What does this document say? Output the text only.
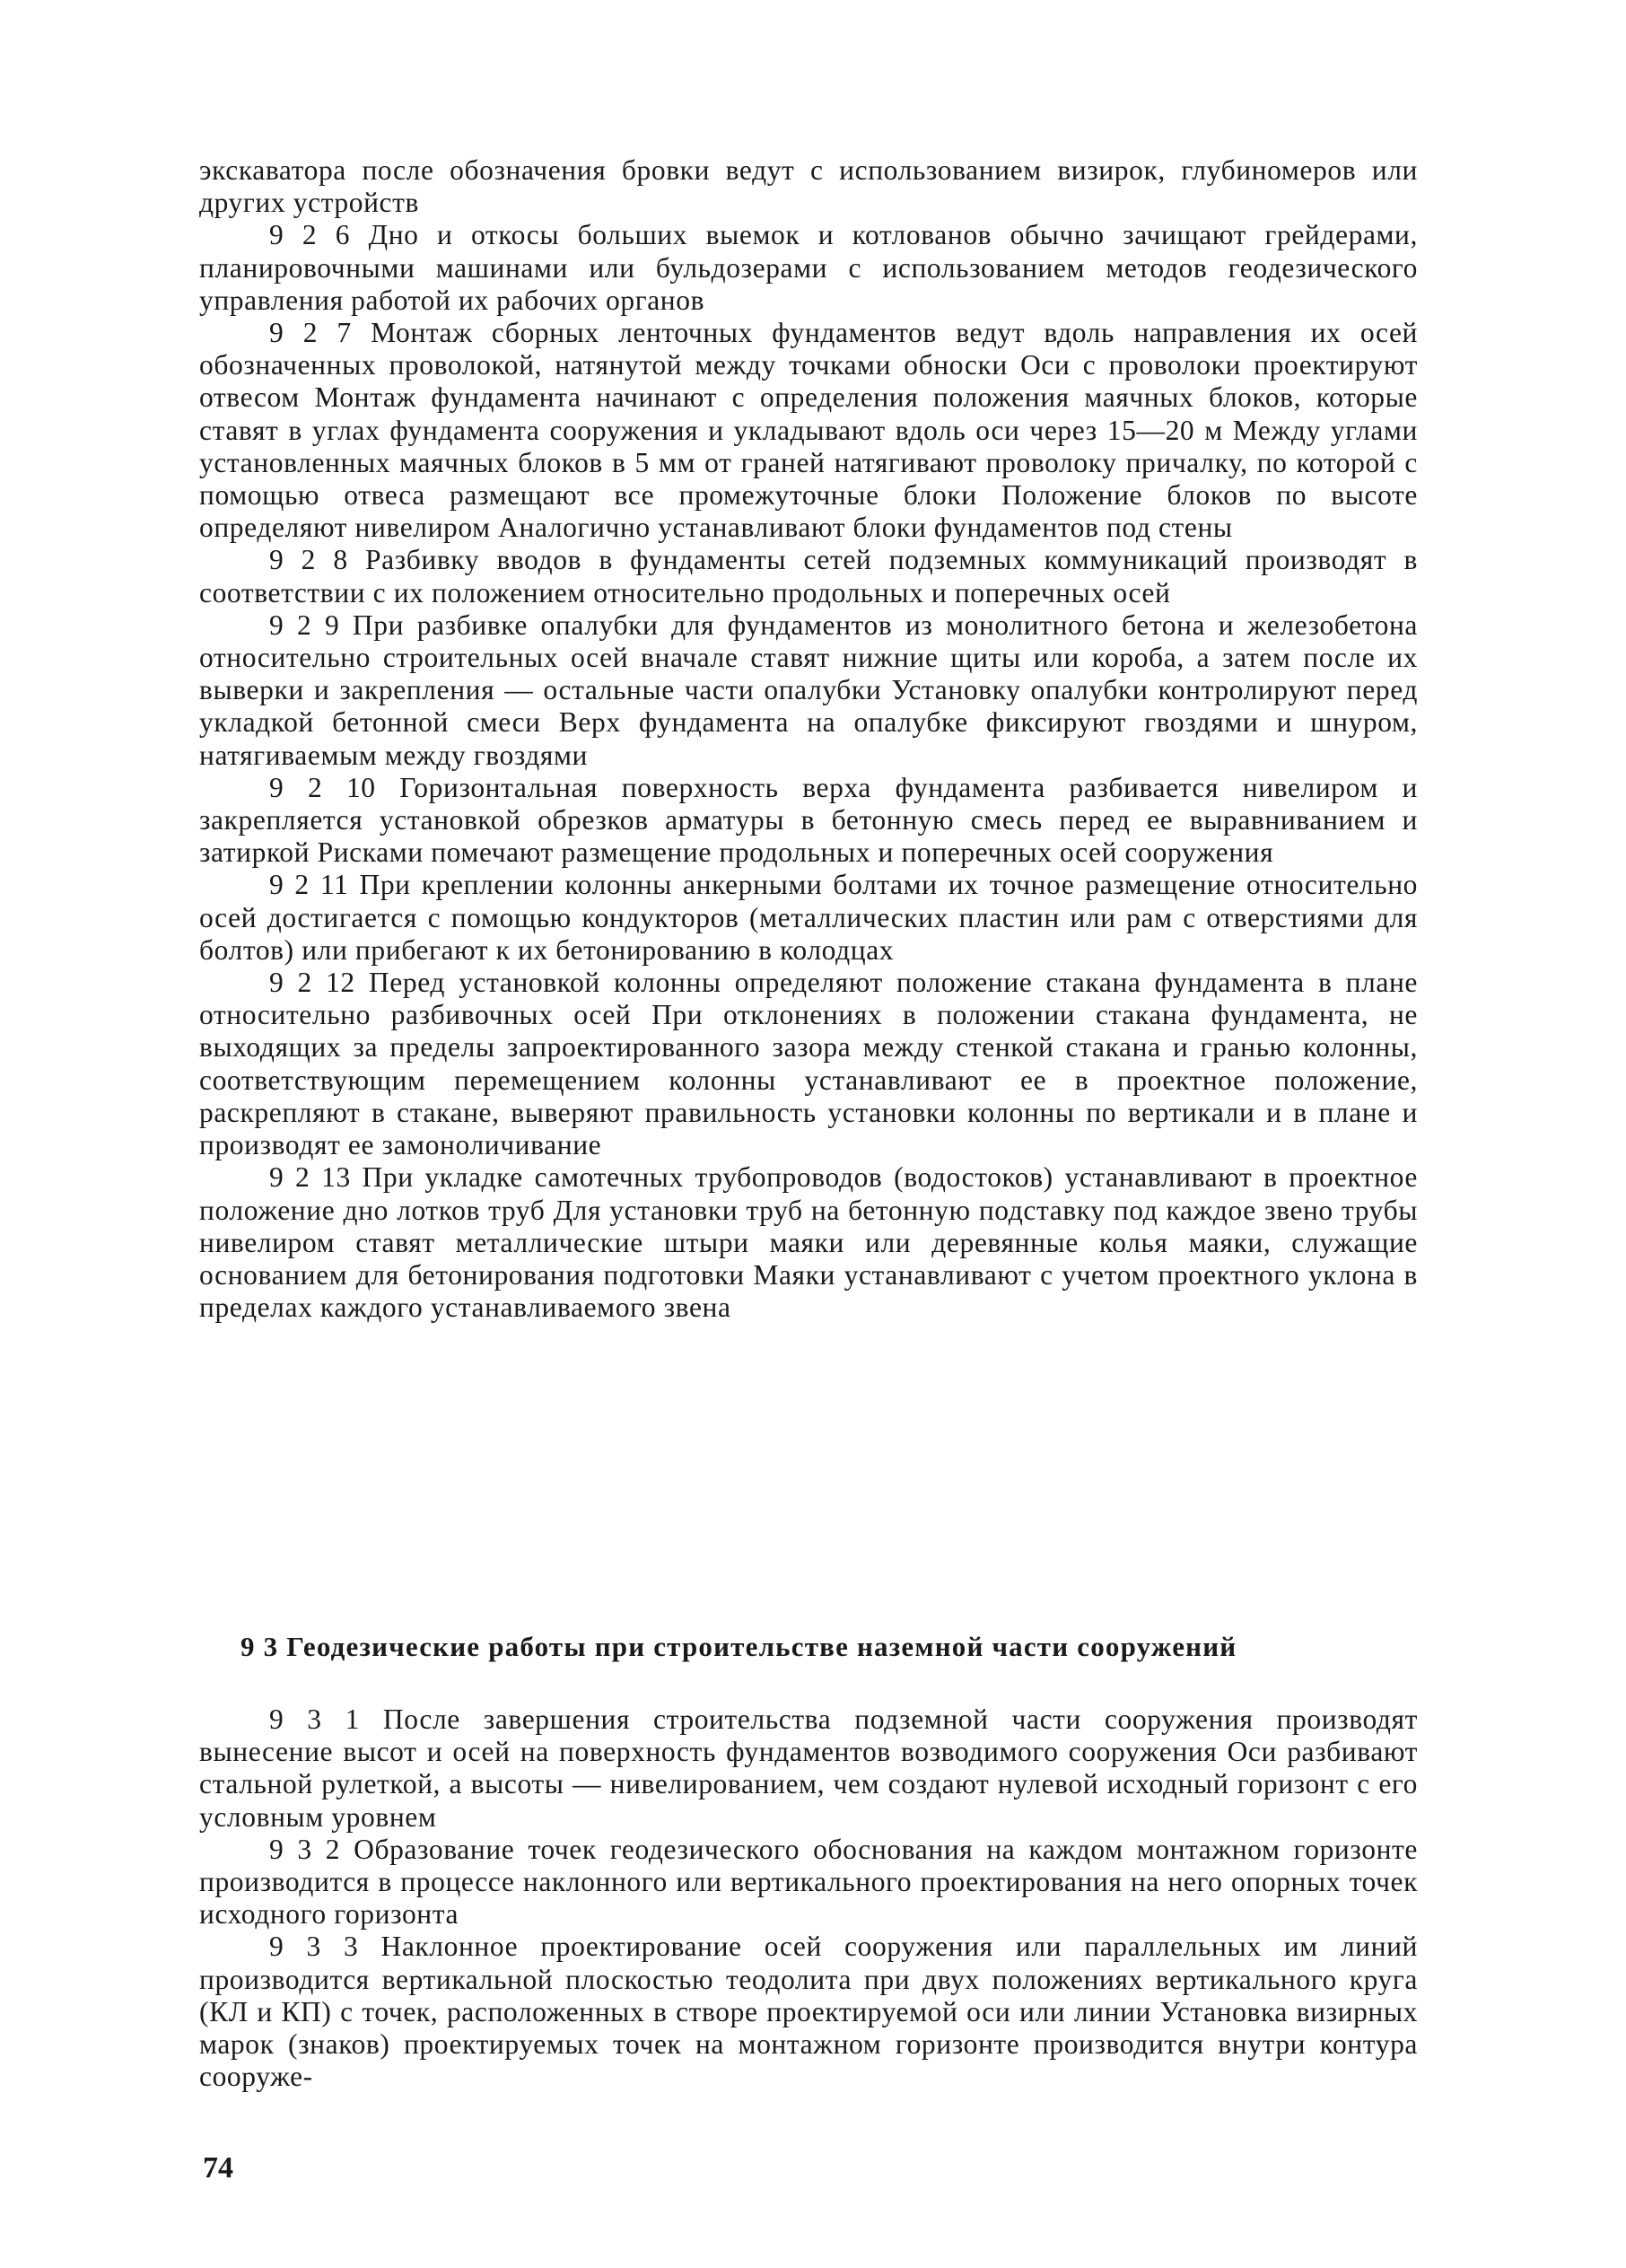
экскаватора после обозначения бровки ведут с использованием визирок, глубиномеров или других устройств

9 2 6 Дно и откосы больших выемок и котлованов обычно зачищают грейдерами, планировочными машинами или бульдозерами с использованием методов геодезического управления работой их рабочих органов

9 2 7 Монтаж сборных ленточных фундаментов ведут вдоль направления их осей обозначенных проволокой, натянутой между точками обноски Оси с проволоки проектируют отвесом Монтаж фундамента начинают с определения положения маячных блоков, которые ставят в углах фундамента сооружения и укладывают вдоль оси через 15—20 м Между углами установленных маячных блоков в 5 мм от граней натягивают проволоку причалку, по которой с помощью отвеса размещают все промежуточные блоки Положение блоков по высоте определяют нивелиром Аналогично устанавливают блоки фундаментов под стены

9 2 8 Разбивку вводов в фундаменты сетей подземных коммуникаций производят в соответствии с их положением относительно продольных и поперечных осей

9 2 9 При разбивке опалубки для фундаментов из монолитного бетона и железобетона относительно строительных осей вначале ставят нижние щиты или короба, а затем после их выверки и закрепления — остальные части опалубки Установку опалубки контролируют перед укладкой бетонной смеси Верх фундамента на опалубке фиксируют гвоздями и шнуром, натягиваемым между гвоздями

9 2 10 Горизонтальная поверхность верха фундамента разбивается нивелиром и закрепляется установкой обрезков арматуры в бетонную смесь перед ее выравниванием и затиркой Рисками помечают размещение продольных и поперечных осей сооружения

9 2 11 При креплении колонны анкерными болтами их точное размещение относительно осей достигается с помощью кондукторов (металлических пластин или рам с отверстиями для болтов) или прибегают к их бетонированию в колодцах

9 2 12 Перед установкой колонны определяют положение стакана фундамента в плане относительно разбивочных осей При отклонениях в положении стакана фундамента, не выходящих за пределы запроектированного зазора между стенкой стакана и гранью колонны, соответствующим перемещением колонны устанавливают ее в проектное положение, раскрепляют в стакане, выверяют правильность установки колонны по вертикали и в плане и производят ее замоноличивание

9 2 13 При укладке самотечных трубопроводов (водостоков) устанавливают в проектное положение дно лотков труб Для установки труб на бетонную подставку под каждое звено трубы нивелиром ставят металлические штыри маяки или деревянные колья маяки, служащие основанием для бетонирования подготовки Маяки устанавливают с учетом проектного уклона в пределах каждого устанавливаемого звена

9 3 Геодезические работы при строительстве наземной части сооружений

9 3 1 После завершения строительства подземной части сооружения производят вынесение высот и осей на поверхность фундаментов возводимого сооружения Оси разбивают стальной рулеткой, а высоты — нивелированием, чем создают нулевой исходный горизонт с его условным уровнем

9 3 2 Образование точек геодезического обоснования на каждом монтажном горизонте производится в процессе наклонного или вертикального проектирования на него опорных точек исходного горизонта

9 3 3 Наклонное проектирование осей сооружения или параллельных им линий производится вертикальной плоскостью теодолита при двух положениях вертикального круга (КЛ и КП) с точек, расположенных в створе проектируемой оси или линии Установка визирных марок (знаков) проектируемых точек на монтажном горизонте производится внутри контура сооруже-

74
